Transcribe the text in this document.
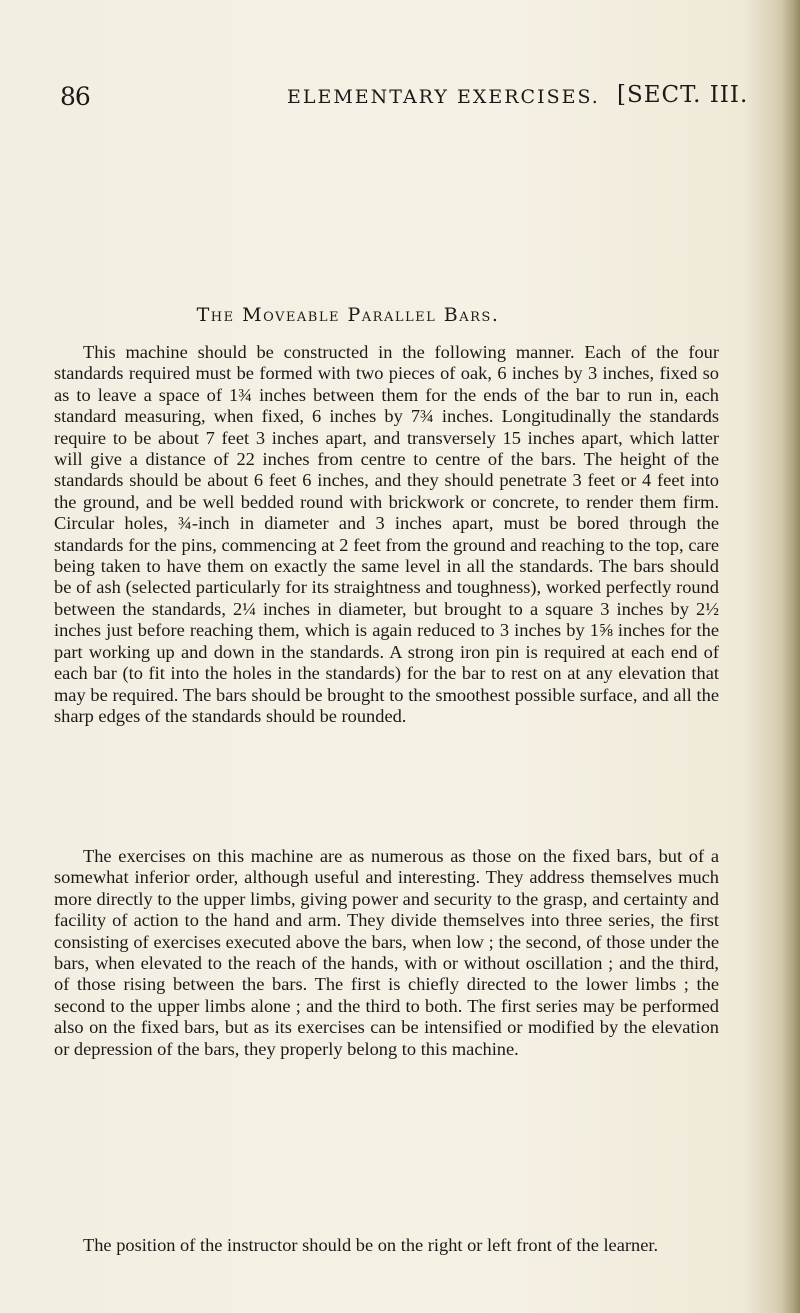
86	ELEMENTARY EXERCISES. [SECT. III.
The Moveable Parallel Bars.

This machine should be constructed in the following manner. Each of the four standards required must be formed with two pieces of oak, 6 inches by 3 inches, fixed so as to leave a space of 1¾ inches between them for the ends of the bar to run in, each standard measuring, when fixed, 6 inches by 7¾ inches. Longitudinally the standards require to be about 7 feet 3 inches apart, and transversely 15 inches apart, which latter will give a distance of 22 inches from centre to centre of the bars. The height of the standards should be about 6 feet 6 inches, and they should penetrate 3 feet or 4 feet into the ground, and be well bedded round with brickwork or concrete, to render them firm. Circular holes, ¾-inch in diameter and 3 inches apart, must be bored through the standards for the pins, commencing at 2 feet from the ground and reaching to the top, care being taken to have them on exactly the same level in all the standards. The bars should be of ash (selected particularly for its straightness and toughness), worked perfectly round between the standards, 2¼ inches in diameter, but brought to a square 3 inches by 2½ inches just before reaching them, which is again reduced to 3 inches by 1⅝ inches for the part working up and down in the standards. A strong iron pin is required at each end of each bar (to fit into the holes in the standards) for the bar to rest on at any elevation that may be required. The bars should be brought to the smoothest possible surface, and all the sharp edges of the standards should be rounded.

The exercises on this machine are as numerous as those on the fixed bars, but of a somewhat inferior order, although useful and interesting. They address themselves much more directly to the upper limbs, giving power and security to the grasp, and certainty and facility of action to the hand and arm. They divide themselves into three series, the first consisting of exercises executed above the bars, when low ; the second, of those under the bars, when elevated to the reach of the hands, with or without oscillation ; and the third, of those rising between the bars. The first is chiefly directed to the lower limbs ; the second to the upper limbs alone ; and the third to both. The first series may be performed also on the fixed bars, but as its exercises can be intensified or modified by the elevation or depression of the bars, they properly belong to this machine.

The position of the instructor should be on the right or left front of the learner.
